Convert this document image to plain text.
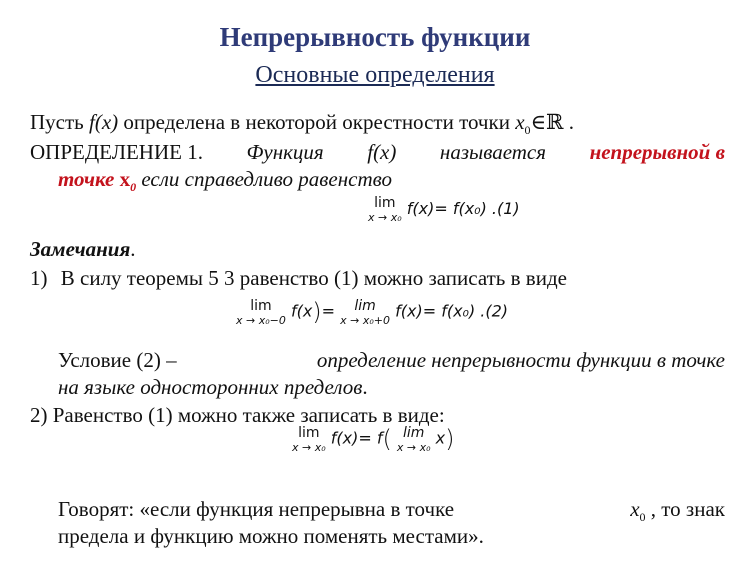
Непрерывность функции
Основные определения
Пусть f(x) определена в некоторой окрестности точки $x_0\in ℝ$ .
ОПРЕДЕЛЕНИЕ 1. Функция f(x) называется непрерывной в
точке $x_0$ если справедливо равенство
lim
x → x₀ f(x)= f(x₀) .(1)
Замечания.
1) В силу теоремы 5 3 равенство (1) можно записать в виде
lim
x → x₀−0 f(x)= lim
x → x₀+0 f(x)= f(x₀) .(2)
Условие (2) –	определение непрерывности функции в точке
на языке односторонних пределов.
2) Равенство (1) можно также записать в виде:
lim
x → x₀ f(x)= f( lim
x → x₀ x)
Говорят: «если функция непрерывна в точке	$x_0$ , то знак
предела и функцию можно поменять местами».
